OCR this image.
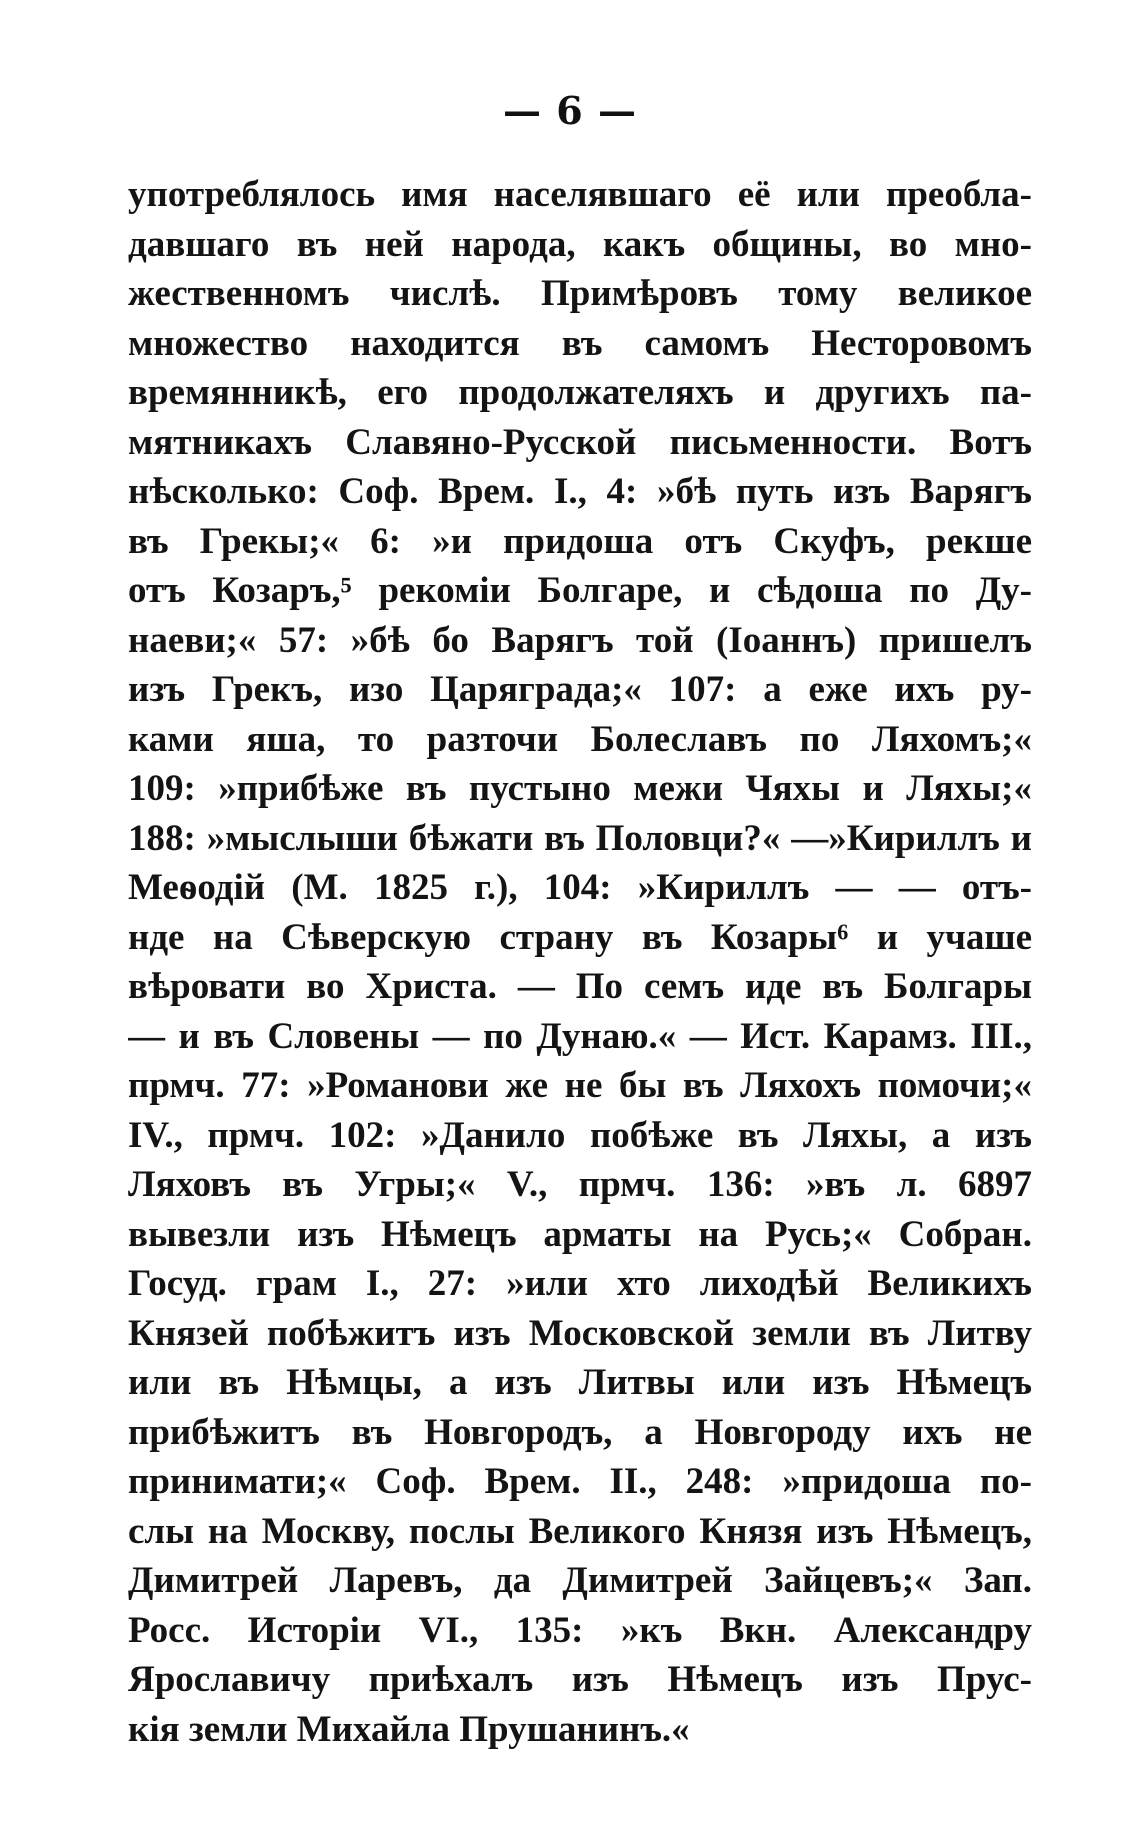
— 6 —
употреблялось имя населявшаго её или преобла-
давшаго въ ней народа, какъ общины, во мно-
жественномъ числѣ. Примѣровъ тому великое
множество находится въ самомъ Несторовомъ
времянникѣ, его продолжателяхъ и другихъ па-
мятникахъ Славяно-Русской письменности. Вотъ
нѣсколько: Соф. Врем. I., 4: »бѣ путь изъ Варягъ
въ Грекы;« 6: »и придоша отъ Скуфъ, рекше
отъ Козаръ,⁵ рекоміи Болгаре, и сѣдоша по Ду-
наеви;« 57: »бѣ бо Варягъ той (Іоаннъ) пришелъ
изъ Грекъ, изо Царяграда;« 107: а еже ихъ ру-
ками яша, то разточи Болеславъ по Ляхомъ;«
109: »прибѣже въ пустыно межи Чяхы и Ляхы;«
188: »мыслыши бѣжати въ Половци?« —»Кириллъ и
Меѳодій (М. 1825 г.), 104: »Кириллъ — — отъ-
нде на Сѣверскую страну въ Козары⁶ и учаше
вѣровати во Христа. — По семъ иде въ Болгары
— и въ Словены — по Дунаю.« — Ист. Карамз. III.,
прмч. 77: »Романови же не бы въ Ляхохъ помочи;«
IV., прмч. 102: »Данило побѣже въ Ляхы, а изъ
Ляховъ въ Угры;« V., прмч. 136: »въ л. 6897
вывезли изъ Нѣмецъ арматы на Русь;« Собран.
Госуд. грам I., 27: »или хто лиходѣй Великихъ
Князей побѣжитъ изъ Московской земли въ Литву
или въ Нѣмцы, а изъ Литвы или изъ Нѣмецъ
прибѣжитъ въ Новгородъ, а Новгороду ихъ не
принимати;« Соф. Врем. II., 248: »придоша по-
слы на Москву, послы Великого Князя изъ Нѣмецъ,
Димитрей Ларевъ, да Димитрей Зайцевъ;« Зап.
Росс. Исторіи VI., 135: »къ Вкн. Александру
Ярославичу приѣхалъ изъ Нѣмецъ изъ Прус-
кія земли Михайла Прушанинъ.«
